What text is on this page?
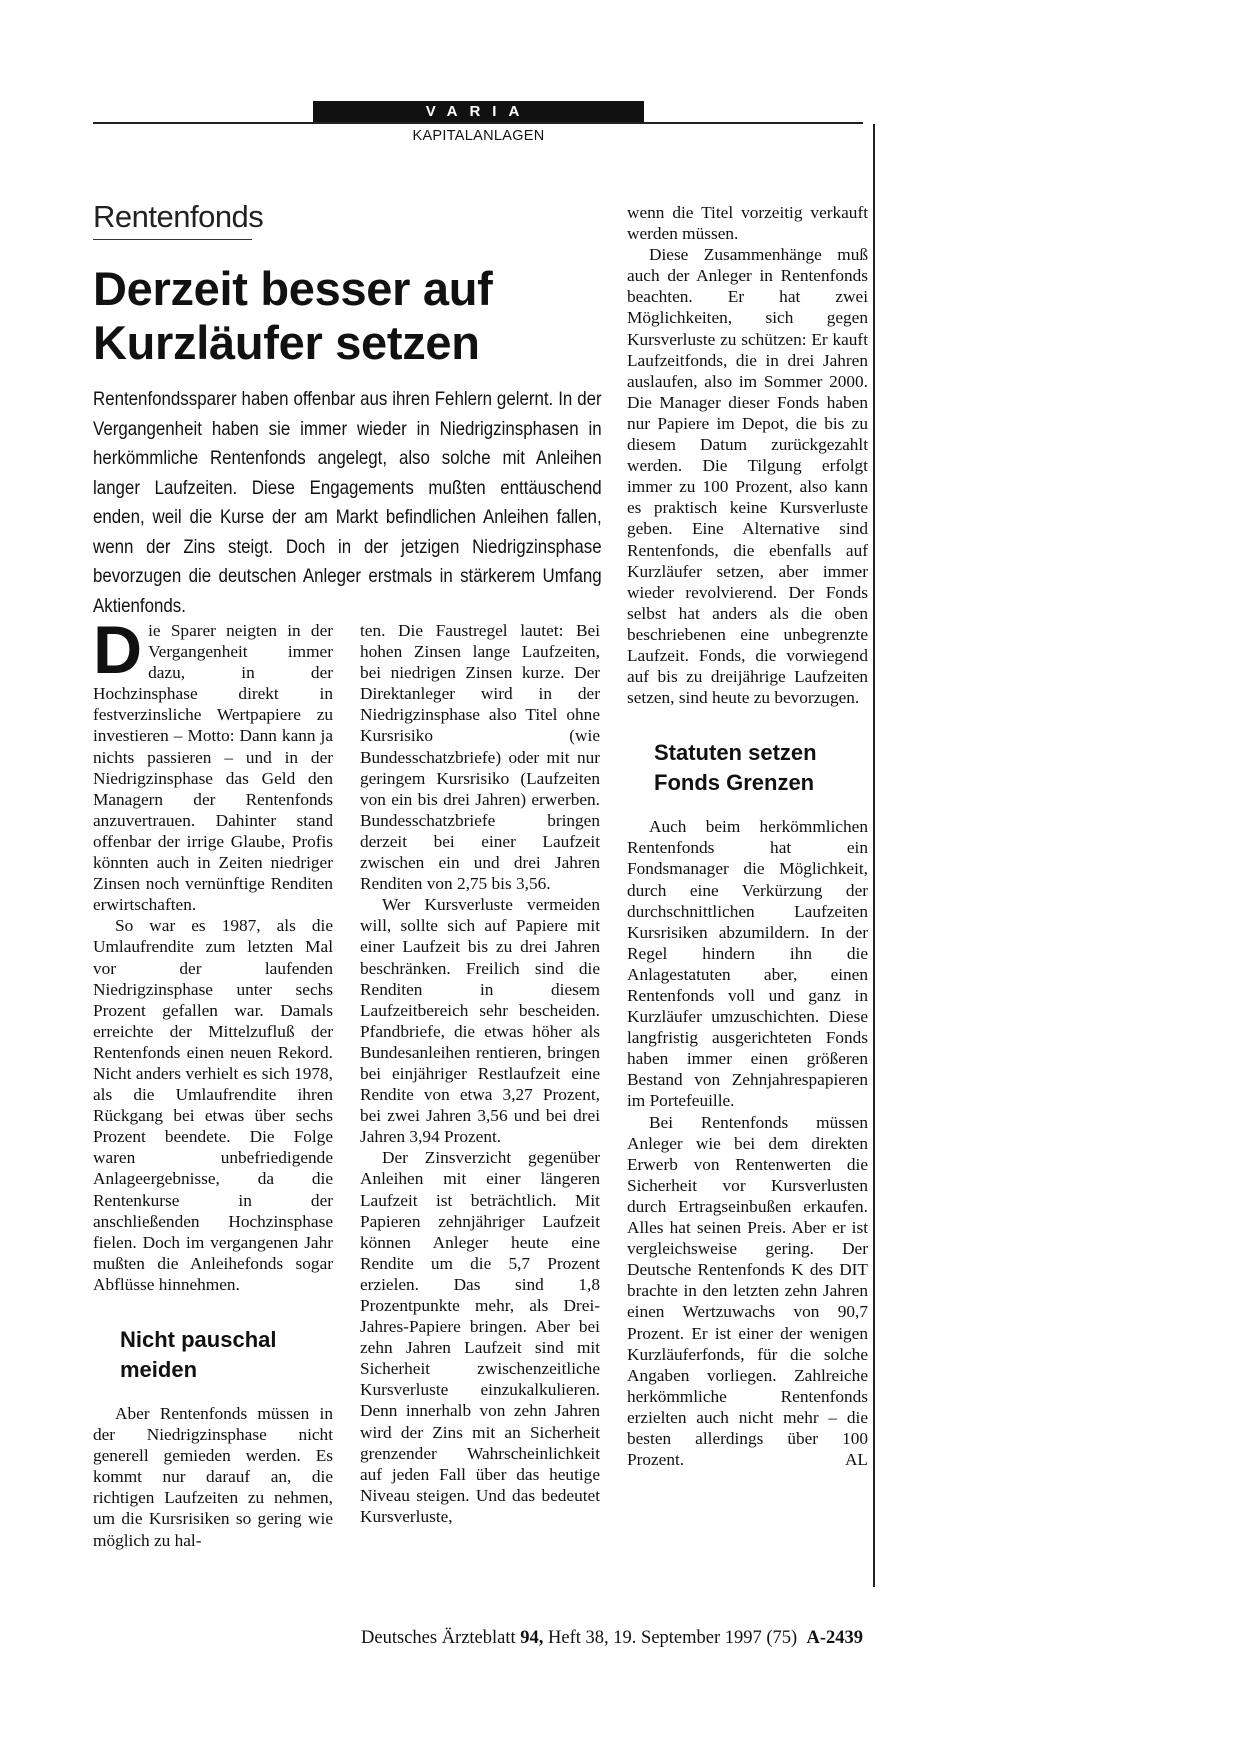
VARIA
KAPITALANLAGEN
Rentenfonds
Derzeit besser auf Kurzläufer setzen
Rentenfondssparer haben offenbar aus ihren Fehlern gelernt. In der Vergangenheit haben sie immer wieder in Niedrigzinsphasen in herkömmliche Rentenfonds angelegt, also solche mit Anleihen langer Laufzeiten. Diese Engagements mußten enttäuschend enden, weil die Kurse der am Markt befindlichen Anleihen fallen, wenn der Zins steigt. Doch in der jetzigen Niedrigzinsphase bevorzugen die deutschen Anleger erstmals in stärkerem Umfang Aktienfonds.

Die Sparer neigten in der Vergangenheit immer dazu, in der Hochzinsphase direkt in festverzinsliche Wertpapiere zu investieren – Motto: Dann kann ja nichts passieren – und in der Niedrigzinsphase das Geld den Managern der Rentenfonds anzuvertrauen. Dahinter stand offenbar der irrige Glaube, Profis könnten auch in Zeiten niedriger Zinsen noch vernünftige Renditen erwirtschaften.

So war es 1987, als die Umlaufrendite zum letzten Mal vor der laufenden Niedrigzinsphase unter sechs Prozent gefallen war. Damals erreichte der Mittelzufluß der Rentenfonds einen neuen Rekord. Nicht anders verhielt es sich 1978, als die Umlaufrendite ihren Rückgang bei etwas über sechs Prozent beendete. Die Folge waren unbefriedigende Anlageergebnisse, da die Rentenkurse in der anschließenden Hochzinsphase fielen. Doch im vergangenen Jahr mußten die Anleihefonds sogar Abflüsse hinnehmen.

Nicht pauschal meiden

Aber Rentenfonds müssen in der Niedrigzinsphase nicht generell gemieden werden. Es kommt nur darauf an, die richtigen Laufzeiten zu nehmen, um die Kursrisiken so gering wie möglich zu hal-

ten. Die Faustregel lautet: Bei hohen Zinsen lange Laufzeiten, bei niedrigen Zinsen kurze. Der Direktanleger wird in der Niedrigzinsphase also Titel ohne Kursrisiko (wie Bundesschatzbriefe) oder mit nur geringem Kursrisiko (Laufzeiten von ein bis drei Jahren) erwerben. Bundesschatzbriefe bringen derzeit bei einer Laufzeit zwischen ein und drei Jahren Renditen von 2,75 bis 3,56.

Wer Kursverluste vermeiden will, sollte sich auf Papiere mit einer Laufzeit bis zu drei Jahren beschränken. Freilich sind die Renditen in diesem Laufzeitbereich sehr bescheiden. Pfandbriefe, die etwas höher als Bundesanleihen rentieren, bringen bei einjähriger Restlaufzeit eine Rendite von etwa 3,27 Prozent, bei zwei Jahren 3,56 und bei drei Jahren 3,94 Prozent.

Der Zinsverzicht gegenüber Anleihen mit einer längeren Laufzeit ist beträchtlich. Mit Papieren zehnjähriger Laufzeit können Anleger heute eine Rendite um die 5,7 Prozent erzielen. Das sind 1,8 Prozentpunkte mehr, als Drei-Jahres-Papiere bringen. Aber bei zehn Jahren Laufzeit sind mit Sicherheit zwischenzeitliche Kursverluste einzukalkulieren. Denn innerhalb von zehn Jahren wird der Zins mit an Sicherheit grenzender Wahrscheinlichkeit auf jeden Fall über das heutige Niveau steigen. Und das bedeutet Kursverluste,

wenn die Titel vorzeitig verkauft werden müssen.

Diese Zusammenhänge muß auch der Anleger in Rentenfonds beachten. Er hat zwei Möglichkeiten, sich gegen Kursverluste zu schützen: Er kauft Laufzeitfonds, die in drei Jahren auslaufen, also im Sommer 2000. Die Manager dieser Fonds haben nur Papiere im Depot, die bis zu diesem Datum zurückgezahlt werden. Die Tilgung erfolgt immer zu 100 Prozent, also kann es praktisch keine Kursverluste geben. Eine Alternative sind Rentenfonds, die ebenfalls auf Kurzläufer setzen, aber immer wieder revolvierend. Der Fonds selbst hat anders als die oben beschriebenen eine unbegrenzte Laufzeit. Fonds, die vorwiegend auf bis zu dreijährige Laufzeiten setzen, sind heute zu bevorzugen.

Statuten setzen Fonds Grenzen

Auch beim herkömmlichen Rentenfonds hat ein Fondsmanager die Möglichkeit, durch eine Verkürzung der durchschnittlichen Laufzeiten Kursrisiken abzumildern. In der Regel hindern ihn die Anlagestatuten aber, einen Rentenfonds voll und ganz in Kurzläufer umzuschichten. Diese langfristig ausgerichteten Fonds haben immer einen größeren Bestand von Zehnjahrespapieren im Portefeuille.

Bei Rentenfonds müssen Anleger wie bei dem direkten Erwerb von Rentenwerten die Sicherheit vor Kursverlusten durch Ertragseinbußen erkaufen. Alles hat seinen Preis. Aber er ist vergleichsweise gering. Der Deutsche Rentenfonds K des DIT brachte in den letzten zehn Jahren einen Wertzuwachs von 90,7 Prozent. Er ist einer der wenigen Kurzläuferfonds, für die solche Angaben vorliegen. Zahlreiche herkömmliche Rentenfonds erzielten auch nicht mehr – die besten allerdings über 100 Prozent.	AL

Deutsches Ärzteblatt 94, Heft 38, 19. September 1997 (75) A-2439
